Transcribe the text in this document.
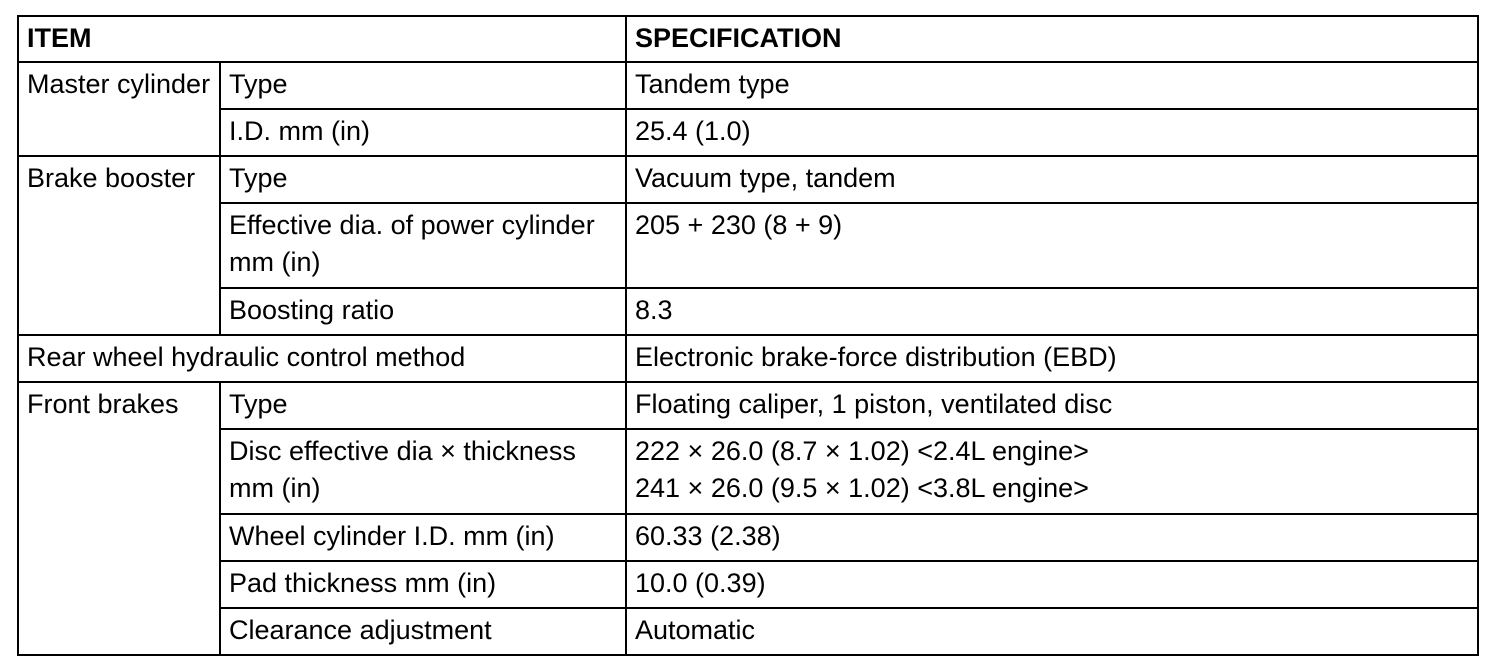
ITEM		SPECIFICATION
Master cylinder	Type	Tandem type
	I.D. mm (in)	25.4 (1.0)
Brake booster	Type	Vacuum type, tandem
	Effective dia. of power cylinder mm (in)	205 + 230 (8 + 9)
	Boosting ratio	8.3
Rear wheel hydraulic control method		Electronic brake-force distribution (EBD)
Front brakes	Type	Floating caliper, 1 piston, ventilated disc
	Disc effective dia × thickness mm (in)	222 × 26.0 (8.7 × 1.02) <2.4L engine>
241 × 26.0 (9.5 × 1.02) <3.8L engine>
	Wheel cylinder I.D. mm (in)	60.33 (2.38)
	Pad thickness mm (in)	10.0 (0.39)
	Clearance adjustment	Automatic
